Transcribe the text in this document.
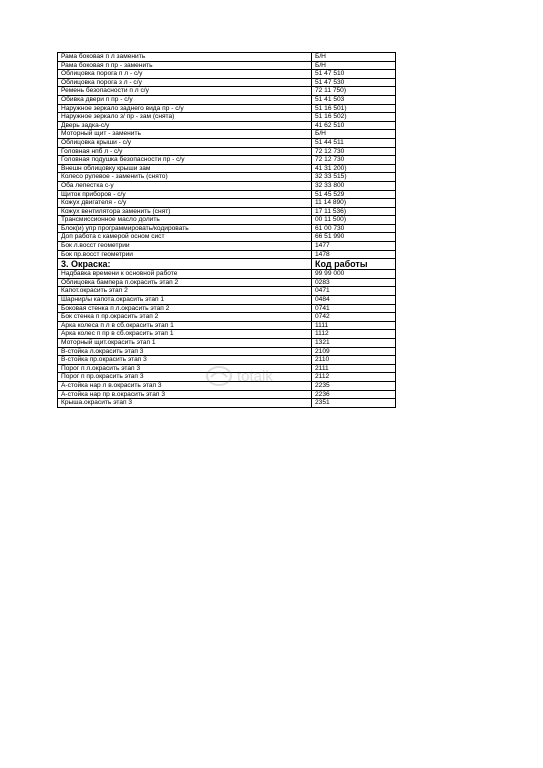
Рама боковая п л заменить	Б/Н
Рама боковая п пр - заменить	Б/Н
Облицовка порога п л - с/у	51 47 510
Облицовка порога з л - с/у	51 47 530
Ремень безопасности п л с/у	72 11 750)
Обивка двери п пр - с/у	51 41 503
Наружное зеркало заднего вида пр - с/у	51 16 501)
Наружное зеркало з/ пр - зам (снята)	51 16 502)
Дверь задка-с/у	41 62 510
Моторный щит - заменить	Б/Н
Облицовка крыши - с/у	51 44 511
Головная нпб л - с/у	72 12 730
Головная подушка безопасности пр - с/у	72 12 730
Внешн облицовку крыши зам	41 31 200)
Колесо рулевое - заменить (снято)	32 33 515)
Оба лепестка с-у	32 33 800
Щиток приборов - с/у	51 45 529
Кожух двигателя - с/у	11 14 890)
Кожух вентилятора заменить (снят)	17 11 536)
Трансмиссионное масло долить	00 11 500)
Блок(и) упр программировать/кодировать	61 00 730
Доп работа с камерой осном сист	66 51 990
Бок л.восст геометрии	1477
Бок пр.восст геометрии	1478
3. Окраска:	Код работы
Надбавка времени к основной работе	99 99 000
Облицовка бампера п.окрасить этап 2	0283
Капот.окрасить этап 2	0471
Шарнир/ы капота.окрасить этап 1	0484
Боковая стенка п л.окрасить этап 2	0741
Бок стенка п пр.окрасить этап 2	0742
Арка колеса п л в сб.окрасить этап 1	1111
Арка колес п пр в сб.окрасить этап 1	1112
Моторный щит.окрасить этап 1	1321
В-стойка л.окрасить этап 3	2109
В-стойка пр.окрасить этап 3	2110
Порог п л.окрасить этап 3	2111
Порог п пр.окрасить этап 3	2112
А-стойка нар л в.окрасить этап 3	2235
А-стойка нар пр в.окрасить этап 3	2236
Крыша.окрасить этап 3	2351
totalk
